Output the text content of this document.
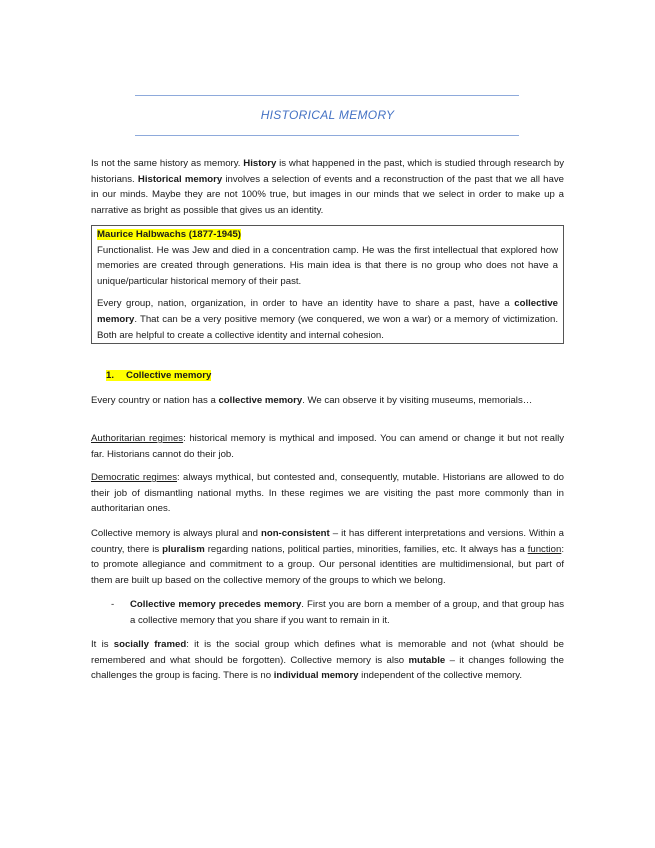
HISTORICAL MEMORY

Is not the same history as memory. History is what happened in the past, which is studied through research by historians. Historical memory involves a selection of events and a reconstruction of the past that we all have in our minds. Maybe they are not 100% true, but images in our minds that we select in order to make up a narrative as bright as possible that gives us an identity.

Maurice Halbwachs (1877-1945)

Functionalist. He was Jew and died in a concentration camp. He was the first intellectual that explored how memories are created through generations. His main idea is that there is no group who does not have a unique/particular historical memory of their past.

Every group, nation, organization, in order to have an identity have to share a past, have a collective memory. That can be a very positive memory (we conquered, we won a war) or a memory of victimization. Both are helpful to create a collective identity and internal cohesion.

1. Collective memory

Every country or nation has a collective memory. We can observe it by visiting museums, memorials…

Authoritarian regimes: historical memory is mythical and imposed. You can amend or change it but not really far. Historians cannot do their job.

Democratic regimes: always mythical, but contested and, consequently, mutable. Historians are allowed to do their job of dismantling national myths. In these regimes we are visiting the past more commonly than in authoritarian ones.

Collective memory is always plural and non-consistent – it has different interpretations and versions. Within a country, there is pluralism regarding nations, political parties, minorities, families, etc. It always has a function: to promote allegiance and commitment to a group. Our personal identities are multidimensional, but part of them are built up based on the collective memory of the groups to which we belong.

- Collective memory precedes memory. First you are born a member of a group, and that group has a collective memory that you share if you want to remain in it.

It is socially framed: it is the social group which defines what is memorable and not (what should be remembered and what should be forgotten). Collective memory is also mutable – it changes following the challenges the group is facing. There is no individual memory independent of the collective memory.
